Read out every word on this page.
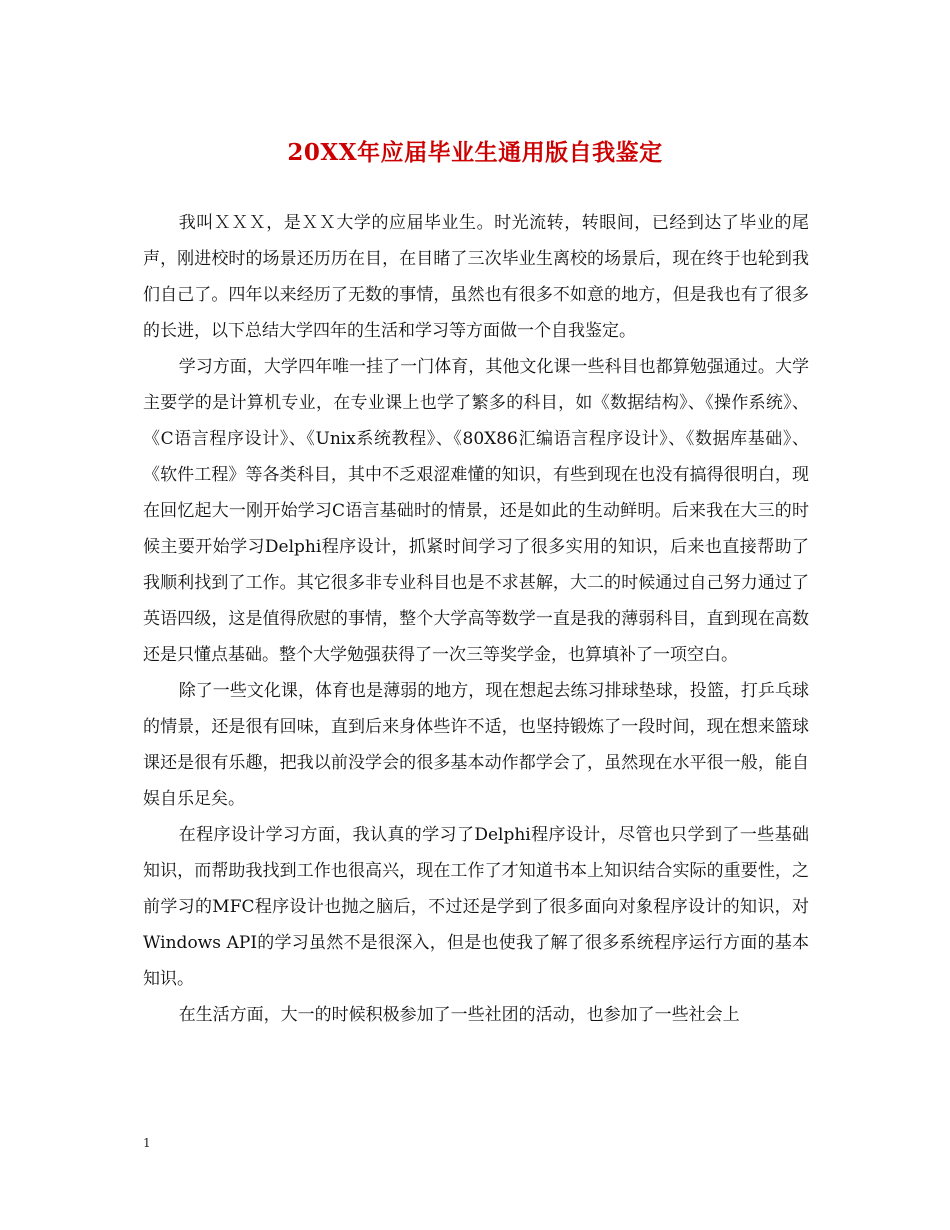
20XX年应届毕业生通用版自我鉴定

我叫ＸＸＸ，是ＸＸ大学的应届毕业生。时光流转，转眼间，已经到达了毕业的尾声，刚进校时的场景还历历在目，在目睹了三次毕业生离校的场景后，现在终于也轮到我们自己了。四年以来经历了无数的事情，虽然也有很多不如意的地方，但是我也有了很多的长进，以下总结大学四年的生活和学习等方面做一个自我鉴定。

学习方面，大学四年唯一挂了一门体育，其他文化课一些科目也都算勉强通过。大学主要学的是计算机专业，在专业课上也学了繁多的科目，如《数据结构》、《操作系统》、《C语言程序设计》、《Unix系统教程》、《80X86汇编语言程序设计》、《数据库基础》、《软件工程》等各类科目，其中不乏艰涩难懂的知识，有些到现在也没有搞得很明白，现在回忆起大一刚开始学习C语言基础时的情景，还是如此的生动鲜明。后来我在大三的时候主要开始学习Delphi程序设计，抓紧时间学习了很多实用的知识，后来也直接帮助了我顺利找到了工作。其它很多非专业科目也是不求甚解，大二的时候通过自己努力通过了英语四级，这是值得欣慰的事情，整个大学高等数学一直是我的薄弱科目，直到现在高数还是只懂点基础。整个大学勉强获得了一次三等奖学金，也算填补了一项空白。

除了一些文化课，体育也是薄弱的地方，现在想起去练习排球垫球，投篮，打乒乓球的情景，还是很有回味，直到后来身体些许不适，也坚持锻炼了一段时间，现在想来篮球课还是很有乐趣，把我以前没学会的很多基本动作都学会了，虽然现在水平很一般，能自娱自乐足矣。

在程序设计学习方面，我认真的学习了Delphi程序设计，尽管也只学到了一些基础知识，而帮助我找到工作也很高兴，现在工作了才知道书本上知识结合实际的重要性，之前学习的MFC程序设计也抛之脑后，不过还是学到了很多面向对象程序设计的知识，对Windows API的学习虽然不是很深入，但是也使我了解了很多系统程序运行方面的基本知识。

在生活方面，大一的时候积极参加了一些社团的活动，也参加了一些社会上

1
